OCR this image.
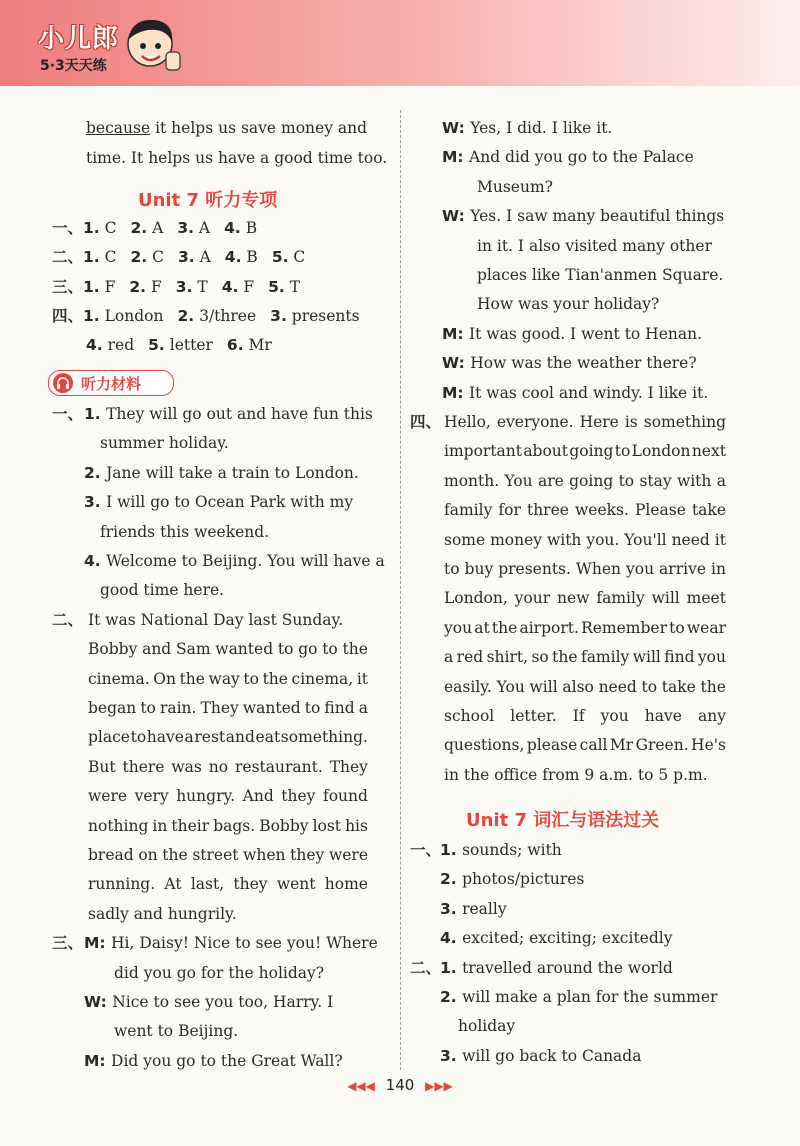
小儿郎
5·3天天练
because it helps us save money and
time. It helps us have a good time too.
Unit 7 听力专项
一、1. C 2. A 3. A 4. B
二、1. C 2. C 3. A 4. B 5. C
三、1. F 2. F 3. T 4. F 5. T
四、1. London 2. 3/three 3. presents
4. red 5. letter 6. Mr
听力材料
一、 1. They will go out and have fun this
summer holiday.
2. Jane will take a train to London.
3. I will go to Ocean Park with my
friends this weekend.
4. Welcome to Beijing. You will have a
good time here.
二、 It was National Day last Sunday.
Bobby and Sam wanted to go to the
cinema. On the way to the cinema, it
began to rain. They wanted to find a
place to have a rest and eat something.
But there was no restaurant. They
were very hungry. And they found
nothing in their bags. Bobby lost his
bread on the street when they were
running. At last, they went home
sadly and hungrily.
三、 M: Hi, Daisy! Nice to see you! Where
did you go for the holiday?
W: Nice to see you too, Harry. I
went to Beijing.
M: Did you go to the Great Wall?
W: Yes, I did. I like it.
M: And did you go to the Palace
Museum?
W: Yes. I saw many beautiful things
in it. I also visited many other
places like Tian'anmen Square.
How was your holiday?
M: It was good. I went to Henan.
W: How was the weather there?
M: It was cool and windy. I like it.
四、 Hello, everyone. Here is something
important about going to London next
month. You are going to stay with a
family for three weeks. Please take
some money with you. You'll need it
to buy presents. When you arrive in
London, your new family will meet
you at the airport. Remember to wear
a red shirt, so the family will find you
easily. You will also need to take the
school letter. If you have any
questions, please call Mr Green. He's
in the office from 9 a.m. to 5 p.m.
Unit 7 词汇与语法过关
一、
1. sounds; with
2. photos/pictures
3. really
4. excited; exciting; excitedly
二、
1. travelled around the world
2. will make a plan for the summer
holiday
3. will go back to Canada
◀◀◀ 140 ▶▶▶
